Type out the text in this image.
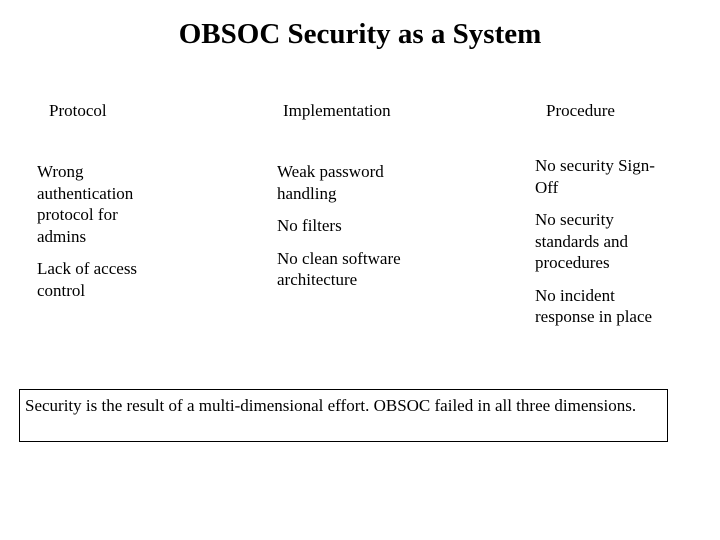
OBSOC Security as a System
Protocol	Implementation	Procedure
Wrong authentication protocol for admins
Lack of access control
Weak password handling
No filters
No clean software architecture
No security Sign-Off
No security standards and procedures
No incident response in place
Security is the result of a multi-dimensional effort. OBSOC failed in all three dimensions.
